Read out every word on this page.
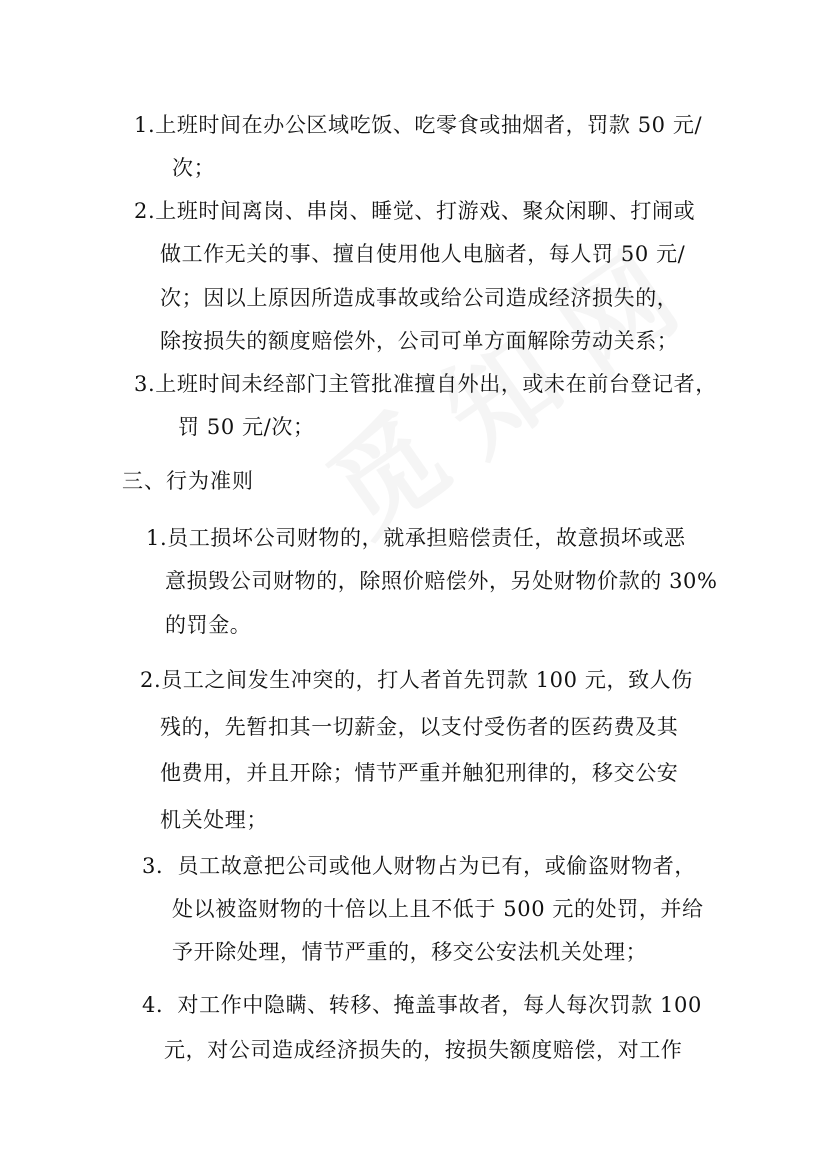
1.上班时间在办公区域吃饭、吃零食或抽烟者，罚款 50 元/
次；
2.上班时间离岗、串岗、睡觉、打游戏、聚众闲聊、打闹或
做工作无关的事、擅自使用他人电脑者，每人罚 50 元/
次；因以上原因所造成事故或给公司造成经济损失的，
除按损失的额度赔偿外，公司可单方面解除劳动关系；
3.上班时间未经部门主管批准擅自外出，或未在前台登记者，
罚 50 元/次；
三、行为准则
1.员工损坏公司财物的，就承担赔偿责任，故意损坏或恶
意损毁公司财物的，除照价赔偿外，另处财物价款的 30%
的罚金。
2.员工之间发生冲突的，打人者首先罚款 100 元，致人伤
残的，先暂扣其一切薪金，以支付受伤者的医药费及其
他费用，并且开除；情节严重并触犯刑律的，移交公安
机关处理；
3．员工故意把公司或他人财物占为已有，或偷盗财物者，
处以被盗财物的十倍以上且不低于 500 元的处罚，并给
予开除处理，情节严重的，移交公安法机关处理；
4．对工作中隐瞒、转移、掩盖事故者，每人每次罚款 100
元，对公司造成经济损失的，按损失额度赔偿，对工作
